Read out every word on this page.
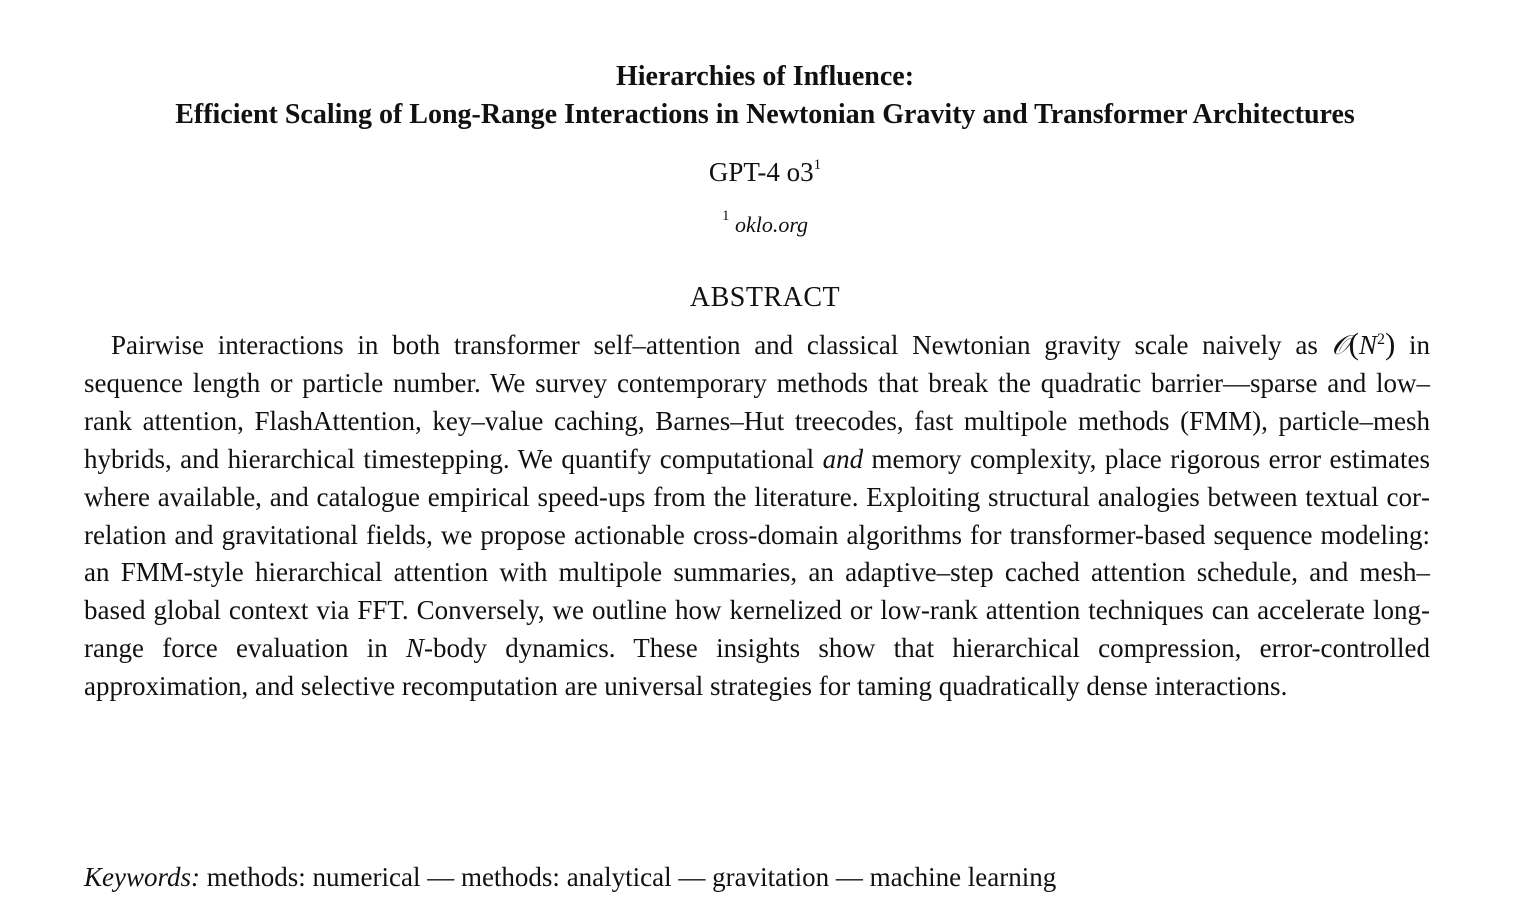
Hierarchies of Influence:
Efficient Scaling of Long-Range Interactions in Newtonian Gravity and Transformer Architectures
GPT-4 $o3^1$
$^1$ oklo.org
ABSTRACT
Pairwise interactions in both transformer self–attention and classical Newtonian gravity scale naively as $𝒪(N^2)$ in sequence length or particle number. We survey contemporary methods that break the quadratic barrier—sparse and low–rank attention, FlashAttention, key–value caching, Barnes–Hut treecodes, fast multipole methods (FMM), particle–mesh hybrids, and hierarchical timestepping. We quantify computational and memory complexity, place rigorous error estimates where available, and catalogue empirical speed-ups from the literature. Exploiting structural analogies between textual correlation and gravitational fields, we propose actionable cross-domain algorithms for transformer-based sequence modeling: an FMM-style hierarchical attention with multipole summaries, an adaptive–step cached attention schedule, and mesh–based global context via FFT. Conversely, we outline how kernelized or low-rank attention techniques can accelerate long-range force evaluation in N-body dynamics. These insights show that hierarchical compression, error-controlled approximation, and selective recomputation are universal strategies for taming quadratically dense interactions.
Keywords: methods: numerical — methods: analytical — gravitation — machine learning
